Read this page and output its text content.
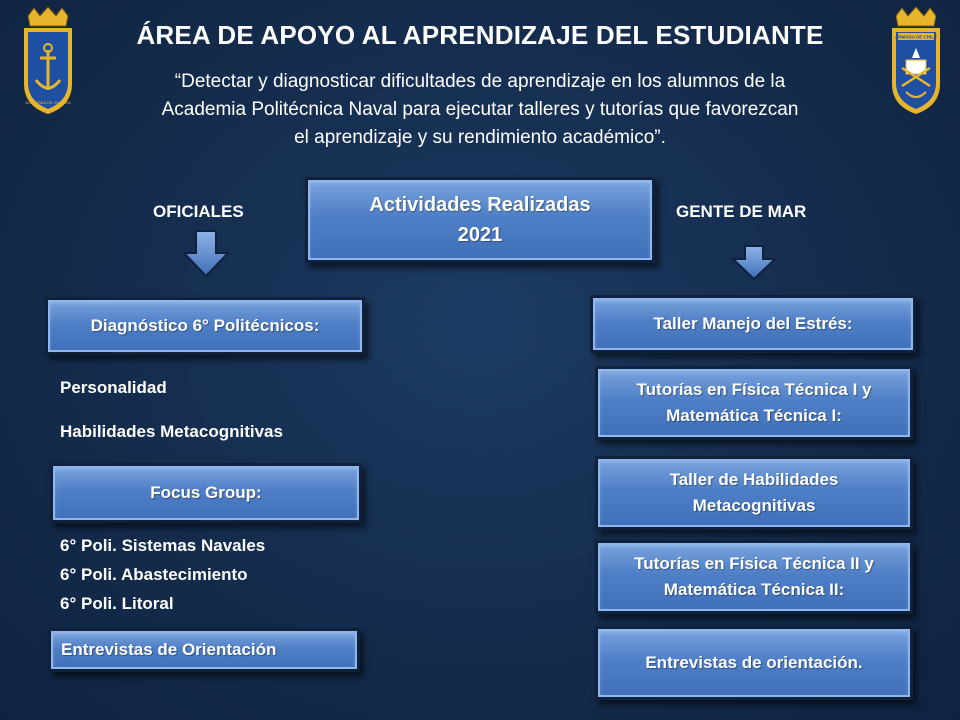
ACADEMIA DE GUERRA
ARMADA DE CHILE
ÁREA DE APOYO AL APRENDIZAJE DEL ESTUDIANTE
“Detectar y diagnosticar dificultades de aprendizaje en los alumnos de la
Academia Politécnica Naval para ejecutar talleres y tutorías que favorezcan
el aprendizaje y su rendimiento académico”.
OFICIALES	GENTE DE MAR
Actividades Realizadas
2021
Diagnóstico 6° Politécnicos:
Personalidad
Habilidades Metacognitivas
Focus Group:
6° Poli. Sistemas Navales
6° Poli. Abastecimiento
6° Poli. Litoral
Entrevistas de Orientación
Taller Manejo del Estrés:
Tutorías en Física Técnica I y
Matemática Técnica I:
Taller de Habilidades
Metacognitivas
Tutorías en Física Técnica II y
Matemática Técnica II:
Entrevistas de orientación.
